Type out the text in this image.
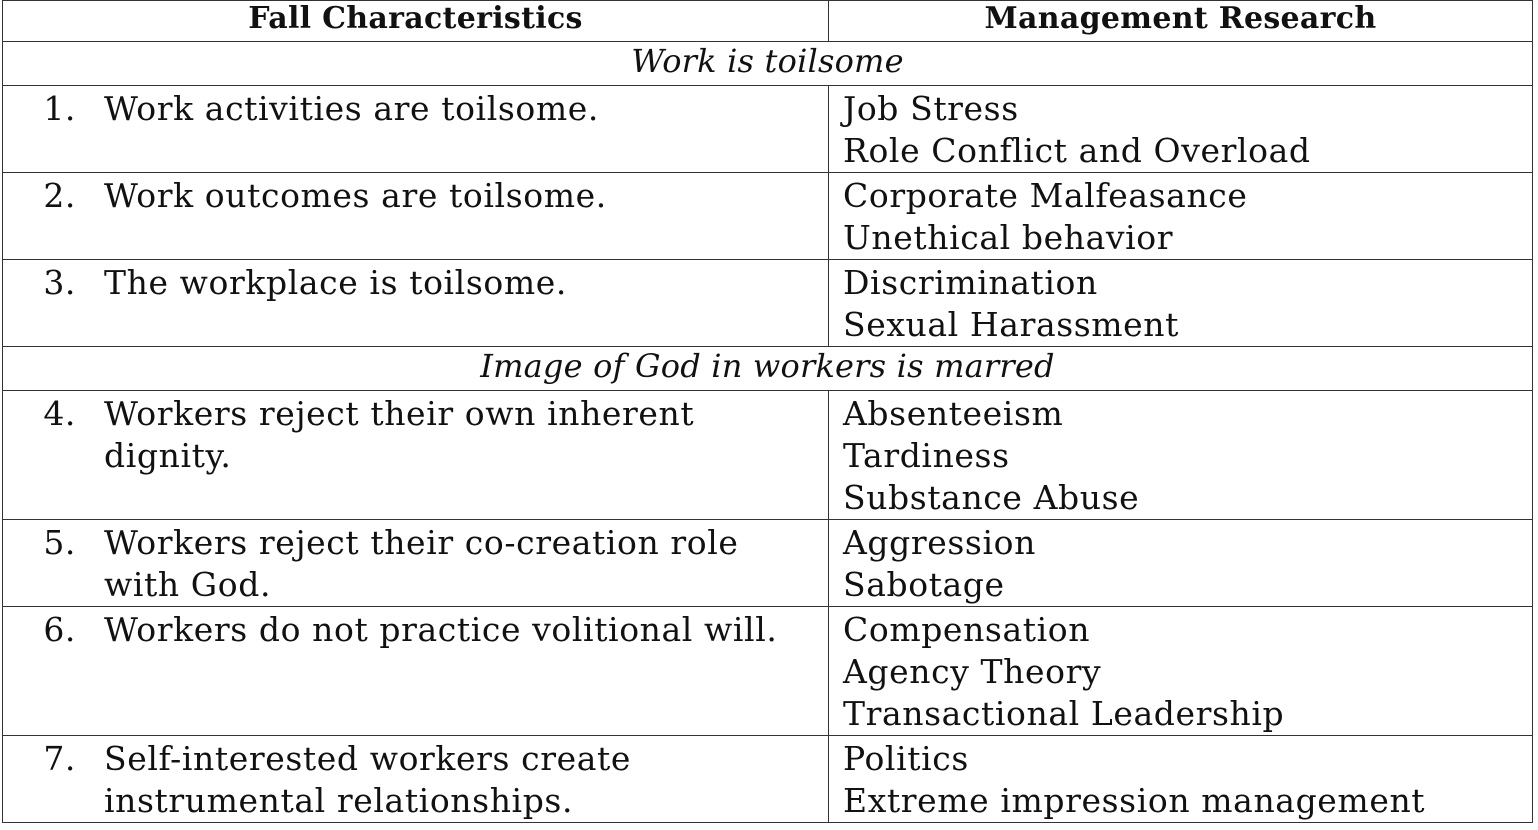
Fall Characteristics	Management Research
Work is toilsome	

1. Work activities are toilsome.	Job Stress
Role Conflict and Overload

2. Work outcomes are toilsome.	Corporate Malfeasance
Unethical behavior

3. The workplace is toilsome.	Discrimination
Sexual Harassment

Image of God in workers is marred	

4. Workers reject their own inherent dignity.	Absenteeism
Tardiness
Substance Abuse

5. Workers reject their co-creation role with God.	Aggression
Sabotage

6. Workers do not practice volitional will.	Compensation
Agency Theory
Transactional Leadership

7. Self-interested workers create instrumental relationships.	Politics
Extreme impression management
